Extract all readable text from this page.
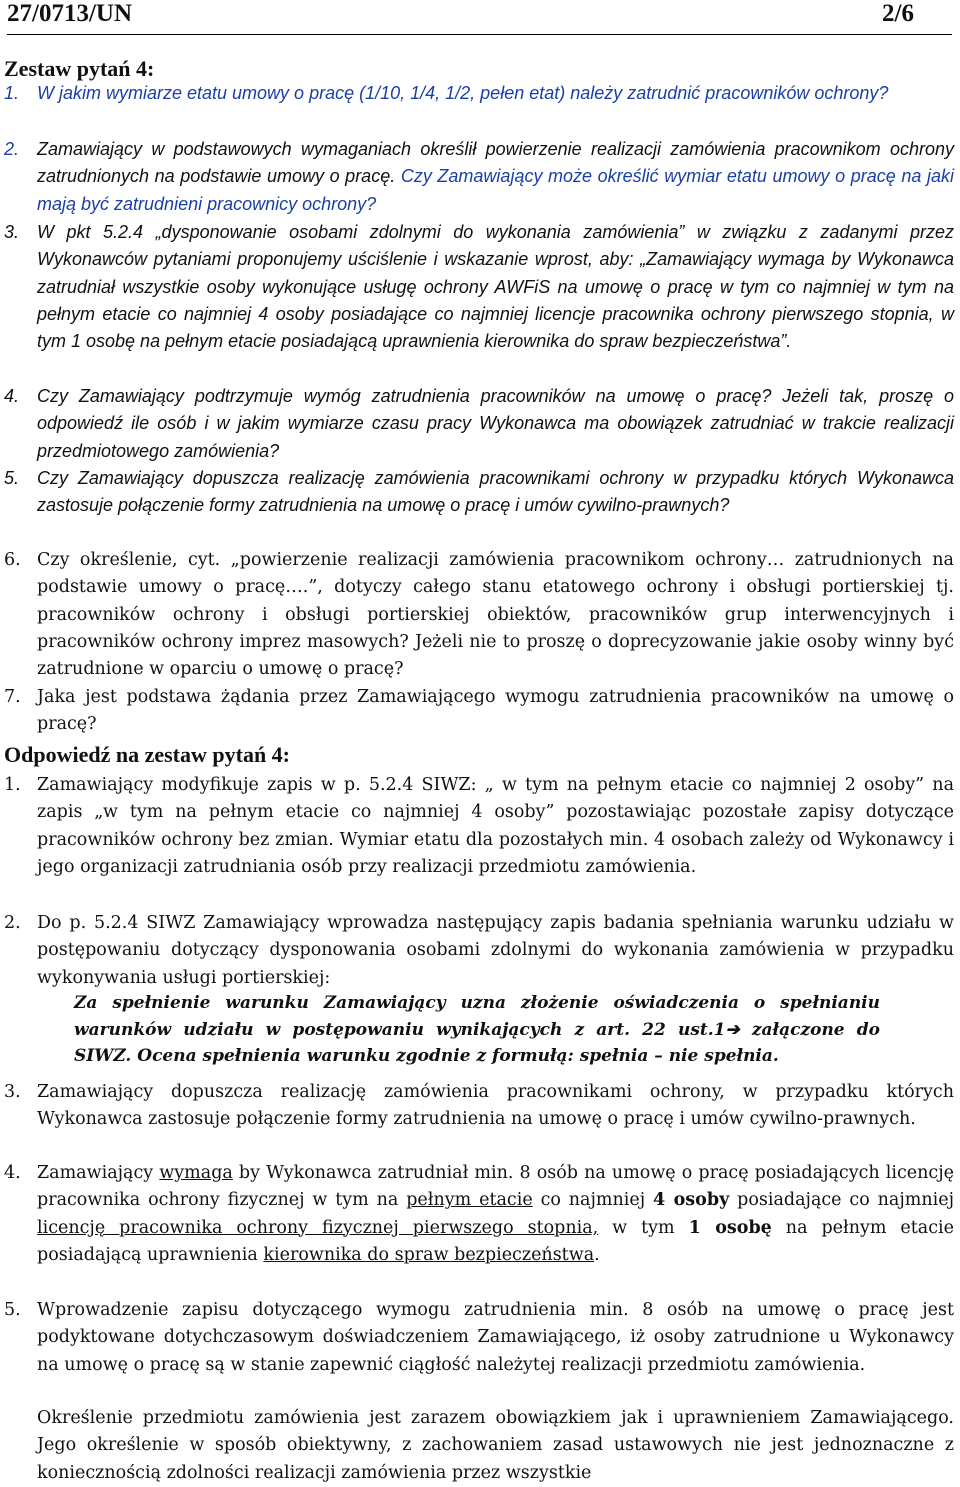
27/0713/UN	2/6
Zestaw pytań 4:
1. W jakim wymiarze etatu umowy o pracę (1/10, 1/4, 1/2, pełen etat) należy zatrudnić pracowników ochrony?
2. Zamawiający w podstawowych wymaganiach określił powierzenie realizacji zamówienia pracownikom ochrony zatrudnionych na podstawie umowy o pracę. Czy Zamawiający może określić wymiar etatu umowy o pracę na jaki mają być zatrudnieni pracownicy ochrony?
3. W pkt 5.2.4 „dysponowanie osobami zdolnymi do wykonania zamówienia” w związku z zadanymi przez Wykonawców pytaniami proponujemy uściślenie i wskazanie wprost, aby: „Zamawiający wymaga by Wykonawca zatrudniał wszystkie osoby wykonujące usługę ochrony AWFiS na umowę o pracę w tym co najmniej w tym na pełnym etacie co najmniej 4 osoby posiadające co najmniej licencje pracownika ochrony pierwszego stopnia, w tym 1 osobę na pełnym etacie posiadającą uprawnienia kierownika do spraw bezpieczeństwa”.
4. Czy Zamawiający podtrzymuje wymóg zatrudnienia pracowników na umowę o pracę? Jeżeli tak, proszę o odpowiedź ile osób i w jakim wymiarze czasu pracy Wykonawca ma obowiązek zatrudniać w trakcie realizacji przedmiotowego zamówienia?
5. Czy Zamawiający dopuszcza realizację zamówienia pracownikami ochrony w przypadku których Wykonawca zastosuje połączenie formy zatrudnienia na umowę o pracę i umów cywilno-prawnych?
6. Czy określenie, cyt. „powierzenie realizacji zamówienia pracownikom ochrony… zatrudnionych na podstawie umowy o pracę….”, dotyczy całego stanu etatowego ochrony i obsługi portierskiej tj. pracowników ochrony i obsługi portierskiej obiektów, pracowników grup interwencyjnych i pracowników ochrony imprez masowych? Jeżeli nie to proszę o doprecyzowanie jakie osoby winny być zatrudnione w oparciu o umowę o pracę?
7. Jaka jest podstawa żądania przez Zamawiającego wymogu zatrudnienia pracowników na umowę o pracę?
Odpowiedź na zestaw pytań 4:
1. Zamawiający modyfikuje zapis w p. 5.2.4 SIWZ: „ w tym na pełnym etacie co najmniej 2 osoby” na zapis „w tym na pełnym etacie co najmniej 4 osoby” pozostawiając pozostałe zapisy dotyczące pracowników ochrony bez zmian. Wymiar etatu dla pozostałych min. 4 osobach zależy od Wykonawcy i jego organizacji zatrudniania osób przy realizacji przedmiotu zamówienia.
2. Do p. 5.2.4 SIWZ Zamawiający wprowadza następujący zapis badania spełniania warunku udziału w postępowaniu dotyczący dysponowania osobami zdolnymi do wykonania zamówienia w przypadku wykonywania usługi portierskiej:
Za spełnienie warunku Zamawiający uzna złożenie oświadczenia o spełnianiu warunków udziału w postępowaniu wynikających z art. 22 ust.1➔ załączone do SIWZ. Ocena spełnienia warunku zgodnie z formułą: spełnia – nie spełnia.
3. Zamawiający dopuszcza realizację zamówienia pracownikami ochrony, w przypadku których Wykonawca zastosuje połączenie formy zatrudnienia na umowę o pracę i umów cywilno-prawnych.
4. Zamawiający wymaga by Wykonawca zatrudniał min. 8 osób na umowę o pracę posiadających licencję pracownika ochrony fizycznej w tym na pełnym etacie co najmniej 4 osoby posiadające co najmniej licencję pracownika ochrony fizycznej pierwszego stopnia, w tym 1 osobę na pełnym etacie posiadającą uprawnienia kierownika do spraw bezpieczeństwa.
5. Wprowadzenie zapisu dotyczącego wymogu zatrudnienia min. 8 osób na umowę o pracę jest podyktowane dotychczasowym doświadczeniem Zamawiającego, iż osoby zatrudnione u Wykonawcy na umowę o pracę są w stanie zapewnić ciągłość należytej realizacji przedmiotu zamówienia.
Określenie przedmiotu zamówienia jest zarazem obowiązkiem jak i uprawnieniem Zamawiającego. Jego określenie w sposób obiektywny, z zachowaniem zasad ustawowych nie jest jednoznaczne z koniecznością zdolności realizacji zamówienia przez wszystkie
